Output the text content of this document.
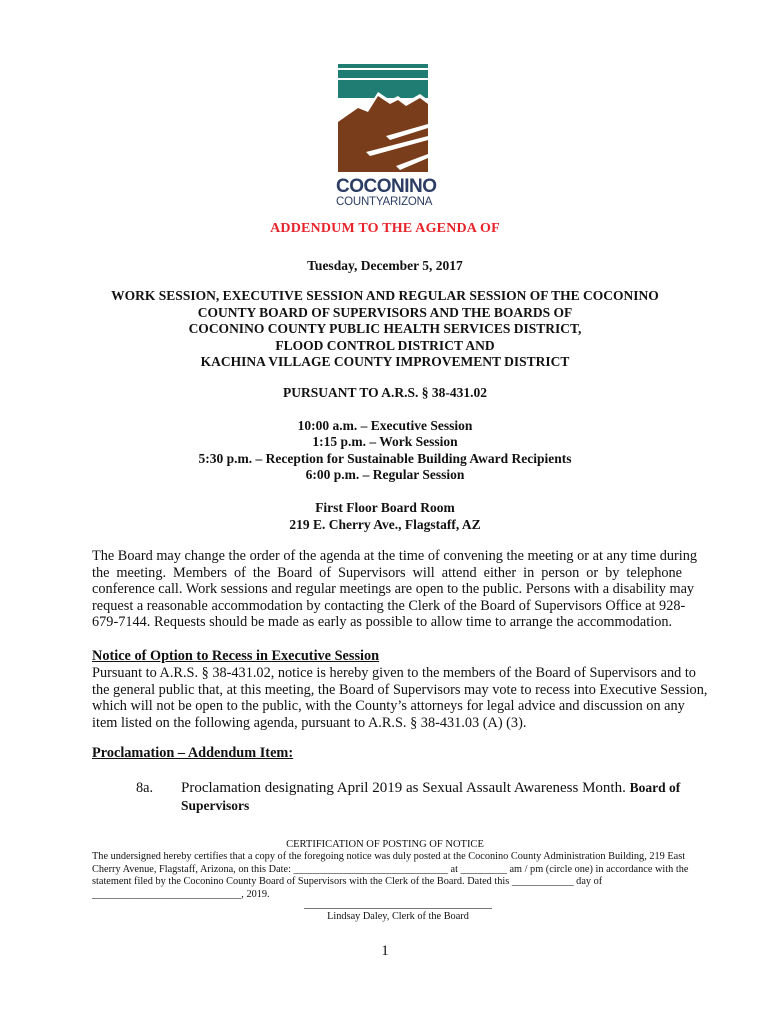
COCONINO
COUNTYARIZONA
ADDENDUM TO THE AGENDA OF
Tuesday, December 5, 2017
WORK SESSION, EXECUTIVE SESSION AND REGULAR SESSION OF THE COCONINO
COUNTY BOARD OF SUPERVISORS AND THE BOARDS OF
COCONINO COUNTY PUBLIC HEALTH SERVICES DISTRICT,
FLOOD CONTROL DISTRICT AND
KACHINA VILLAGE COUNTY IMPROVEMENT DISTRICT
PURSUANT TO A.R.S. § 38-431.02
10:00 a.m. – Executive Session
1:15 p.m. – Work Session
5:30 p.m. – Reception for Sustainable Building Award Recipients
6:00 p.m. – Regular Session
First Floor Board Room
219 E. Cherry Ave., Flagstaff, AZ
The Board may change the order of the agenda at the time of convening the meeting or at any time during
the meeting. Members of the Board of Supervisors will attend either in person or by telephone
conference call. Work sessions and regular meetings are open to the public. Persons with a disability may
request a reasonable accommodation by contacting the Clerk of the Board of Supervisors Office at 928-
679-7144. Requests should be made as early as possible to allow time to arrange the accommodation.
Notice of Option to Recess in Executive Session
Pursuant to A.R.S. § 38-431.02, notice is hereby given to the members of the Board of Supervisors and to
the general public that, at this meeting, the Board of Supervisors may vote to recess into Executive Session,
which will not be open to the public, with the County’s attorneys for legal advice and discussion on any
item listed on the following agenda, pursuant to A.R.S. § 38-431.03 (A) (3).
Proclamation – Addendum Item:
8a. Proclamation designating April 2019 as Sexual Assault Awareness Month. Board of Supervisors
CERTIFICATION OF POSTING OF NOTICE
The undersigned hereby certifies that a copy of the foregoing notice was duly posted at the Coconino County Administration Building, 219 East
Cherry Avenue, Flagstaff, Arizona, on this Date: ______________________________ at _________ am / pm (circle one) in accordance with the
statement filed by the Coconino County Board of Supervisors with the Clerk of the Board. Dated this ____________ day of
_____________________________, 2019.
Lindsay Daley, Clerk of the Board
1
